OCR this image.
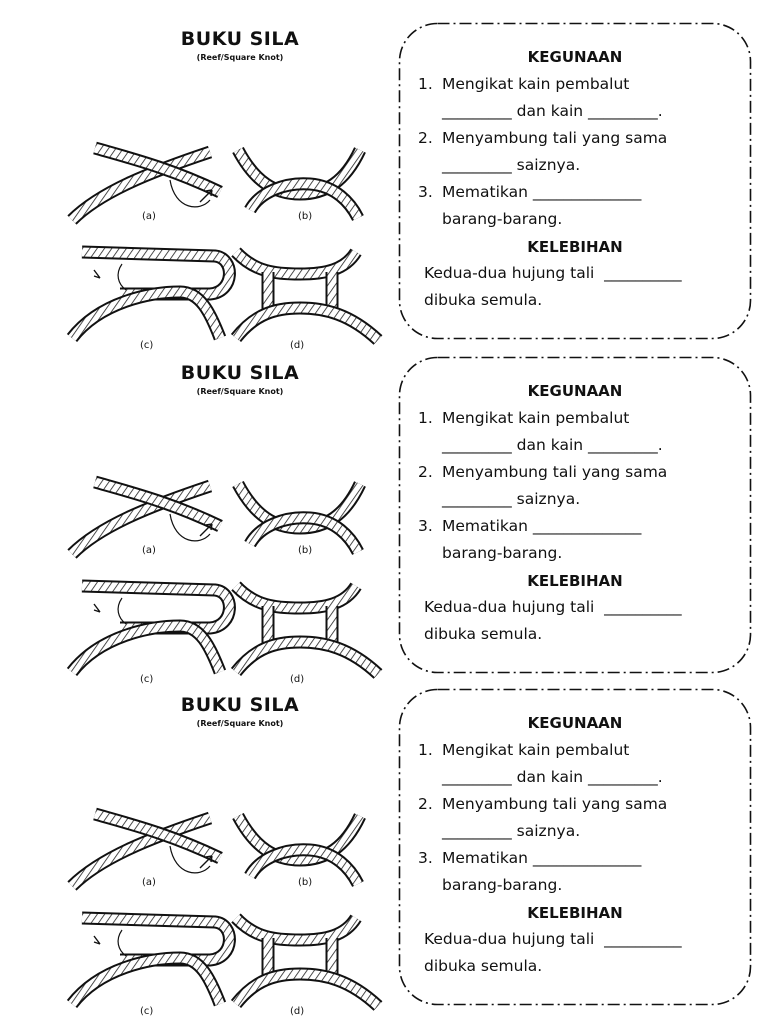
BUKU SILA
(Reef/Square Knot)
(a)	(b)
(c)	(d)
KEGUNAAN
1. Mengikat kain pembalut
_________ dan kain _________.
2. Menyambung tali yang sama
_________ saiznya.
3. Mematikan ______________
barang-barang.
KELEBIHAN
Kedua-dua hujung tali  __________
dibuka semula.
BUKU SILA
(Reef/Square Knot)
(a)	(b)
(c)	(d)
KEGUNAAN
1. Mengikat kain pembalut
_________ dan kain _________.
2. Menyambung tali yang sama
_________ saiznya.
3. Mematikan ______________
barang-barang.
KELEBIHAN
Kedua-dua hujung tali  __________
dibuka semula.
BUKU SILA
(Reef/Square Knot)
(a)	(b)
(c)	(d)
KEGUNAAN
1. Mengikat kain pembalut
_________ dan kain _________.
2. Menyambung tali yang sama
_________ saiznya.
3. Mematikan ______________
barang-barang.
KELEBIHAN
Kedua-dua hujung tali  __________
dibuka semula.
